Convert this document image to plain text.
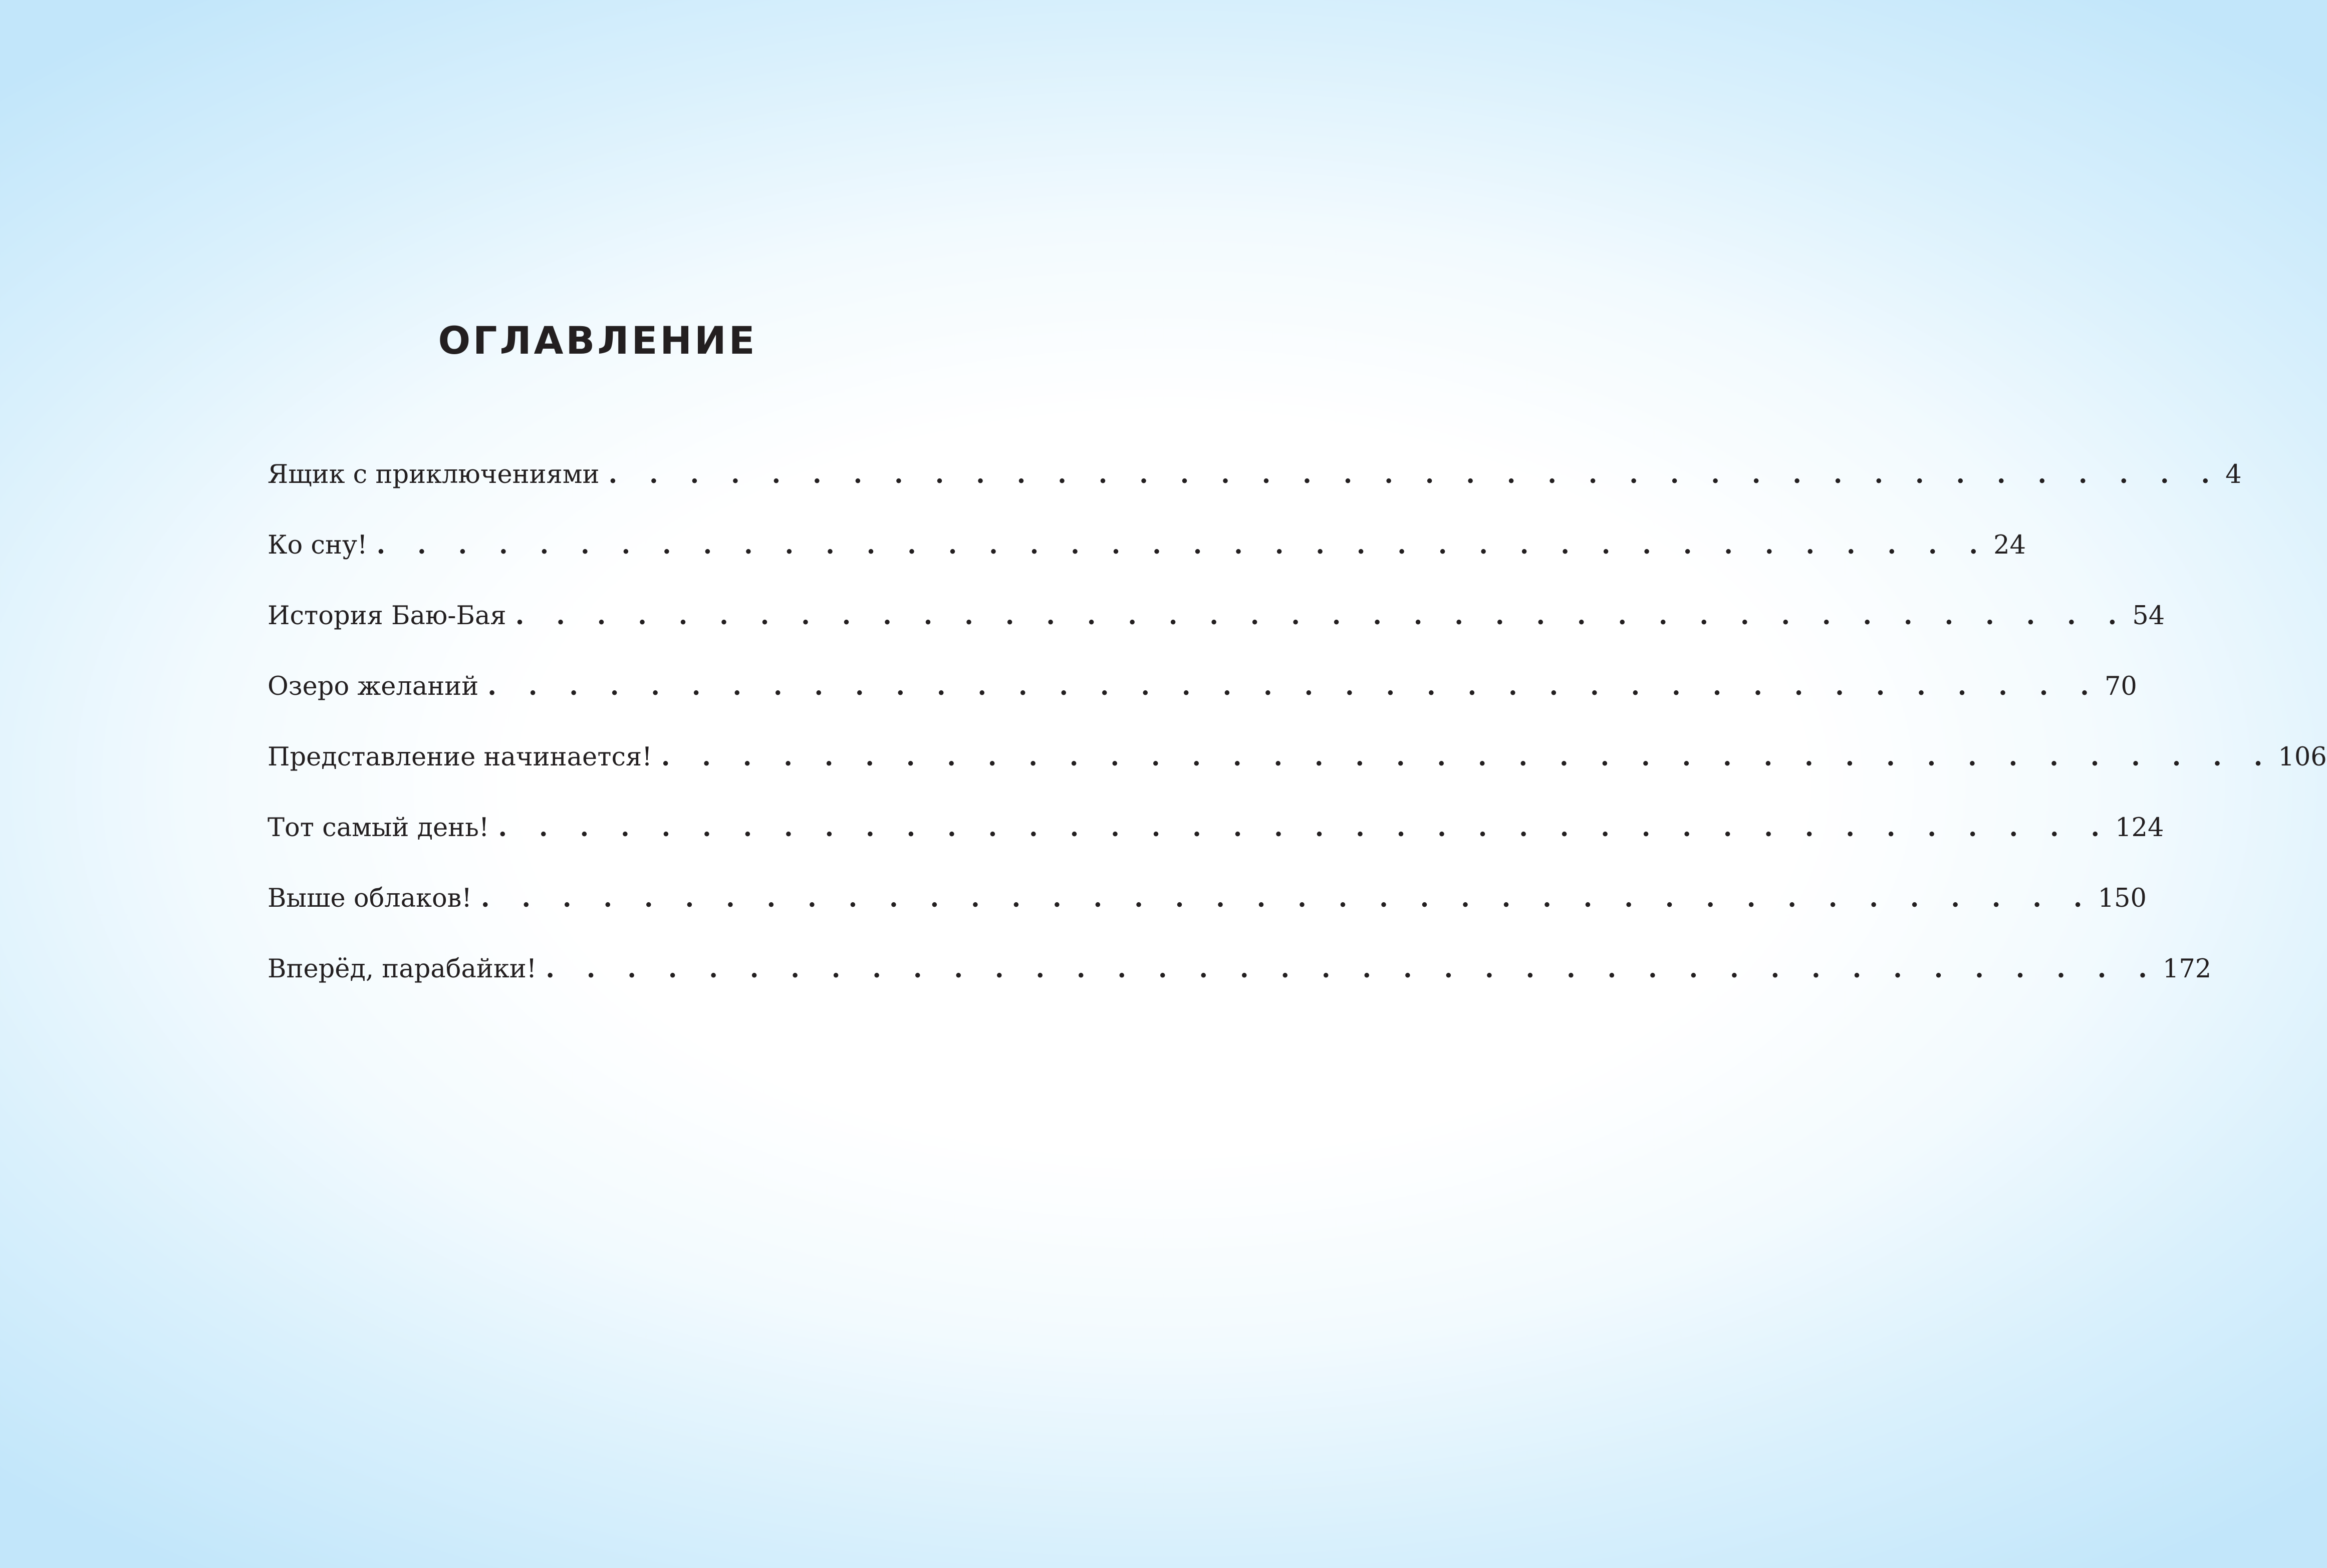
ОГЛАВЛЕНИЕ
Ящик с приключениями . . . . . . . . . . . . . . . . . . . . . . . . . . . . . . . . . . . . . . . . 4
Ко сну! . . . . . . . . . . . . . . . . . . . . . . . . . . . . . . . . . . . . . . . . 24
История Баю-Бая . . . . . . . . . . . . . . . . . . . . . . . . . . . . . . . . . . . . . . . . 54
Озеро желаний . . . . . . . . . . . . . . . . . . . . . . . . . . . . . . . . . . . . . . . . 70
Представление начинается! . . . . . . . . . . . . . . . . . . . . . . . . . . . . . . . . . . . . . . . . 106
Тот самый день! . . . . . . . . . . . . . . . . . . . . . . . . . . . . . . . . . . . . . . . . 124
Выше облаков! . . . . . . . . . . . . . . . . . . . . . . . . . . . . . . . . . . . . . . . . 150
Вперёд, парабайки! . . . . . . . . . . . . . . . . . . . . . . . . . . . . . . . . . . . . . . . . 172
